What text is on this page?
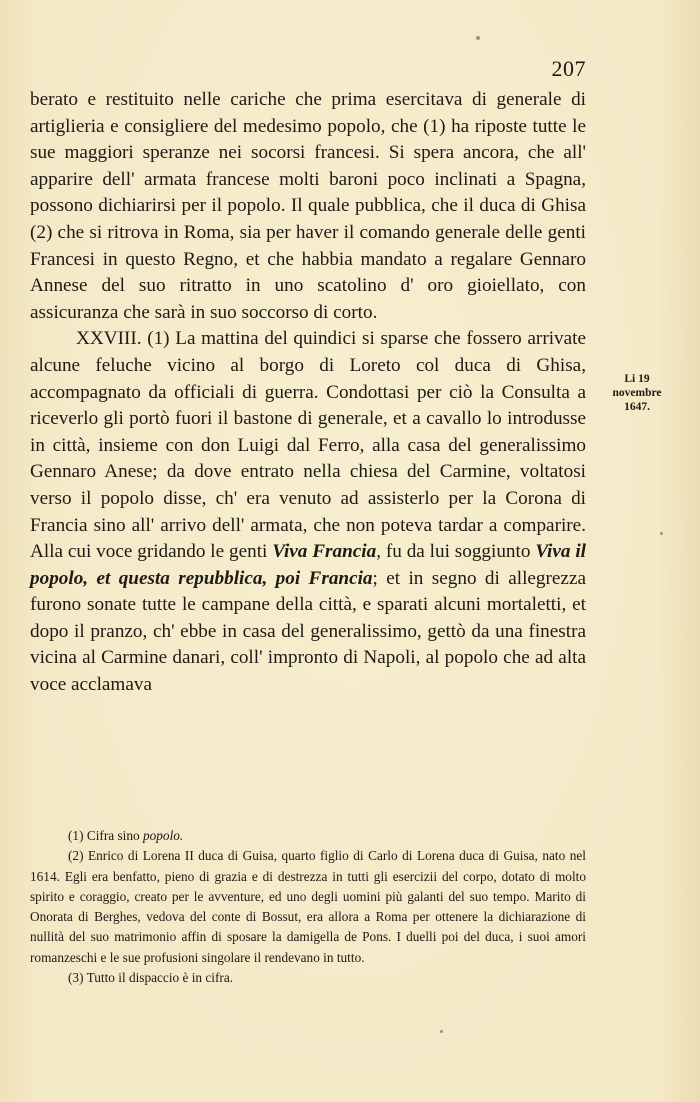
207

berato e restituito nelle cariche che prima esercitava di generale di artiglieria e consigliere del medesimo popolo, che (1) ha riposte tutte le sue maggiori speranze nei socorsi francesi. Si spera ancora, che all' apparire dell' armata francese molti baroni poco inclinati a Spagna, possono dichiarirsi per il popolo. Il quale pubblica, che il duca di Ghisa (2) che si ritrova in Roma, sia per haver il comando generale delle genti Francesi in questo Regno, et che habbia mandato a regalare Gennaro Annese del suo ritratto in uno scatolino d' oro gioiellato, con assicuranza che sarà in suo soccorso di corto.

XXVIII. (1) La mattina del quindici si sparse che fossero arrivate alcune feluche vicino al borgo di Loreto col duca di Ghisa, accompagnato da officiali di guerra. Condottasi per ciò la Consulta a riceverlo gli portò fuori il bastone di generale, et a cavallo lo introdusse in città, insieme con don Luigi dal Ferro, alla casa del generalissimo Gennaro Anese; da dove entrato nella chiesa del Carmine, voltatosi verso il popolo disse, ch' era venuto ad assisterlo per la Corona di Francia sino all' arrivo dell' armata, che non poteva tardar a comparire. Alla cui voce gridando le genti Viva Francia, fu da lui soggiunto Viva il popolo, et questa repubblica, poi Francia; et in segno di allegrezza furono sonate tutte le campane della città, e sparati alcuni mortaletti, et dopo il pranzo, ch' ebbe in casa del generalissimo, gettò da una finestra vicina al Carmine danari, coll' impronto di Napoli, al popolo che ad alta voce acclamava

Li 19
novembre
1647.

(1) Cifra sino popolo.

(2) Enrico di Lorena II duca di Guisa, quarto figlio di Carlo di Lorena duca di Guisa, nato nel 1614. Egli era benfatto, pieno di grazia e di destrezza in tutti gli esercizii del corpo, dotato di molto spirito e coraggio, creato per le avventure, ed uno degli uomini più galanti del suo tempo. Marito di Onorata di Berghes, vedova del conte di Bossut, era allora a Roma per ottenere la dichiarazione di nullità del suo matrimonio affin di sposare la damigella de Pons. I duelli poi del duca, i suoi amori romanzeschi e le sue profusioni singolare il rendevano in tutto.

(3) Tutto il dispaccio è in cifra.
